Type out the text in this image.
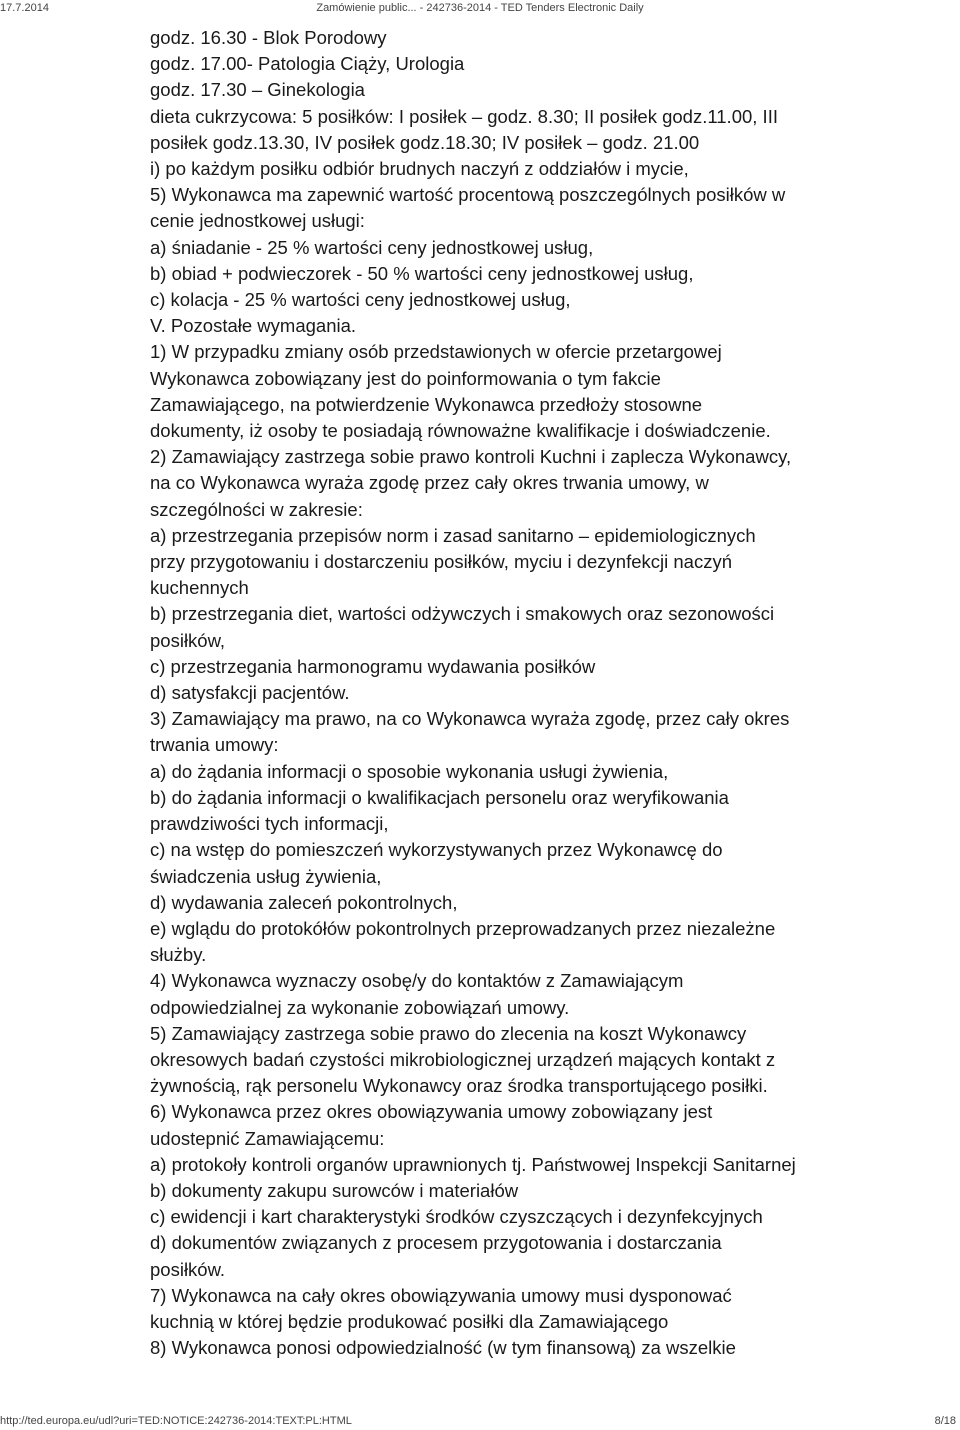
17.7.2014	Zamówienie public... - 242736-2014 - TED Tenders Electronic Daily
godz. 16.30 - Blok Porodowy
godz. 17.00- Patologia Ciąży, Urologia
godz. 17.30 – Ginekologia
dieta cukrzycowa: 5 posiłków: I posiłek – godz. 8.30; II posiłek godz.11.00, III
posiłek godz.13.30, IV posiłek godz.18.30; IV posiłek – godz. 21.00
i) po każdym posiłku odbiór brudnych naczyń z oddziałów i mycie,
5) Wykonawca ma zapewnić wartość procentową poszczególnych posiłków w
cenie jednostkowej usługi:
a) śniadanie - 25 % wartości ceny jednostkowej usług,
b) obiad + podwieczorek - 50 % wartości ceny jednostkowej usług,
c) kolacja - 25 % wartości ceny jednostkowej usług,
V. Pozostałe wymagania.
1) W przypadku zmiany osób przedstawionych w ofercie przetargowej
Wykonawca zobowiązany jest do poinformowania o tym fakcie
Zamawiającego, na potwierdzenie Wykonawca przedłoży stosowne
dokumenty, iż osoby te posiadają równoważne kwalifikacje i doświadczenie.
2) Zamawiający zastrzega sobie prawo kontroli Kuchni i zaplecza Wykonawcy,
na co Wykonawca wyraża zgodę przez cały okres trwania umowy, w
szczególności w zakresie:
a) przestrzegania przepisów norm i zasad sanitarno – epidemiologicznych
przy przygotowaniu i dostarczeniu posiłków, myciu i dezynfekcji naczyń
kuchennych
b) przestrzegania diet, wartości odżywczych i smakowych oraz sezonowości
posiłków,
c) przestrzegania harmonogramu wydawania posiłków
d) satysfakcji pacjentów.
3) Zamawiający ma prawo, na co Wykonawca wyraża zgodę, przez cały okres
trwania umowy:
a) do żądania informacji o sposobie wykonania usługi żywienia,
b) do żądania informacji o kwalifikacjach personelu oraz weryfikowania
prawdziwości tych informacji,
c) na wstęp do pomieszczeń wykorzystywanych przez Wykonawcę do
świadczenia usług żywienia,
d) wydawania zaleceń pokontrolnych,
e) wglądu do protokółów pokontrolnych przeprowadzanych przez niezależne
służby.
4) Wykonawca wyznaczy osobę/y do kontaktów z Zamawiającym
odpowiedzialnej za wykonanie zobowiązań umowy.
5) Zamawiający zastrzega sobie prawo do zlecenia na koszt Wykonawcy
okresowych badań czystości mikrobiologicznej urządzeń mających kontakt z
żywnością, rąk personelu Wykonawcy oraz środka transportującego posiłki.
6) Wykonawca przez okres obowiązywania umowy zobowiązany jest
udostepnić Zamawiającemu:
a) protokoły kontroli organów uprawnionych tj. Państwowej Inspekcji Sanitarnej
b) dokumenty zakupu surowców i materiałów
c) ewidencji i kart charakterystyki środków czyszczących i dezynfekcyjnych
d) dokumentów związanych z procesem przygotowania i dostarczania
posiłków.
7) Wykonawca na cały okres obowiązywania umowy musi dysponować
kuchnią w której będzie produkować posiłki dla Zamawiającego
8) Wykonawca ponosi odpowiedzialność (w tym finansową) za wszelkie
http://ted.europa.eu/udl?uri=TED:NOTICE:242736-2014:TEXT:PL:HTML	8/18
